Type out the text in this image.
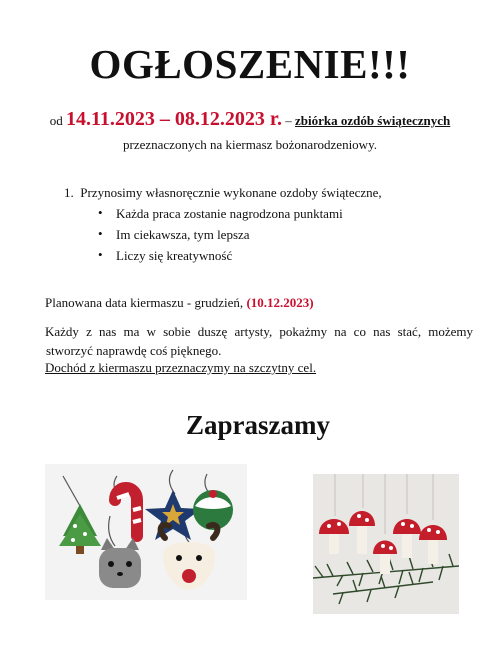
OGŁOSZENIE!!!
od 14.11.2023 – 08.12.2023 r. – zbiórka ozdób świątecznych
przeznaczonych na kiermasz bożonarodzeniowy.
1. Przynosimy własnoręcznie wykonane ozdoby świąteczne,
• Każda praca zostanie nagrodzona punktami
• Im ciekawsza, tym lepsza
• Liczy się kreatywność
Planowana data kiermaszu - grudzień, (10.12.2023)
Każdy z nas ma w sobie duszę artysty, pokażmy na co nas stać, możemy
stworzyć naprawdę coś pięknego.
Dochód z kiermaszu przeznaczymy na szczytny cel.
Zapraszamy
